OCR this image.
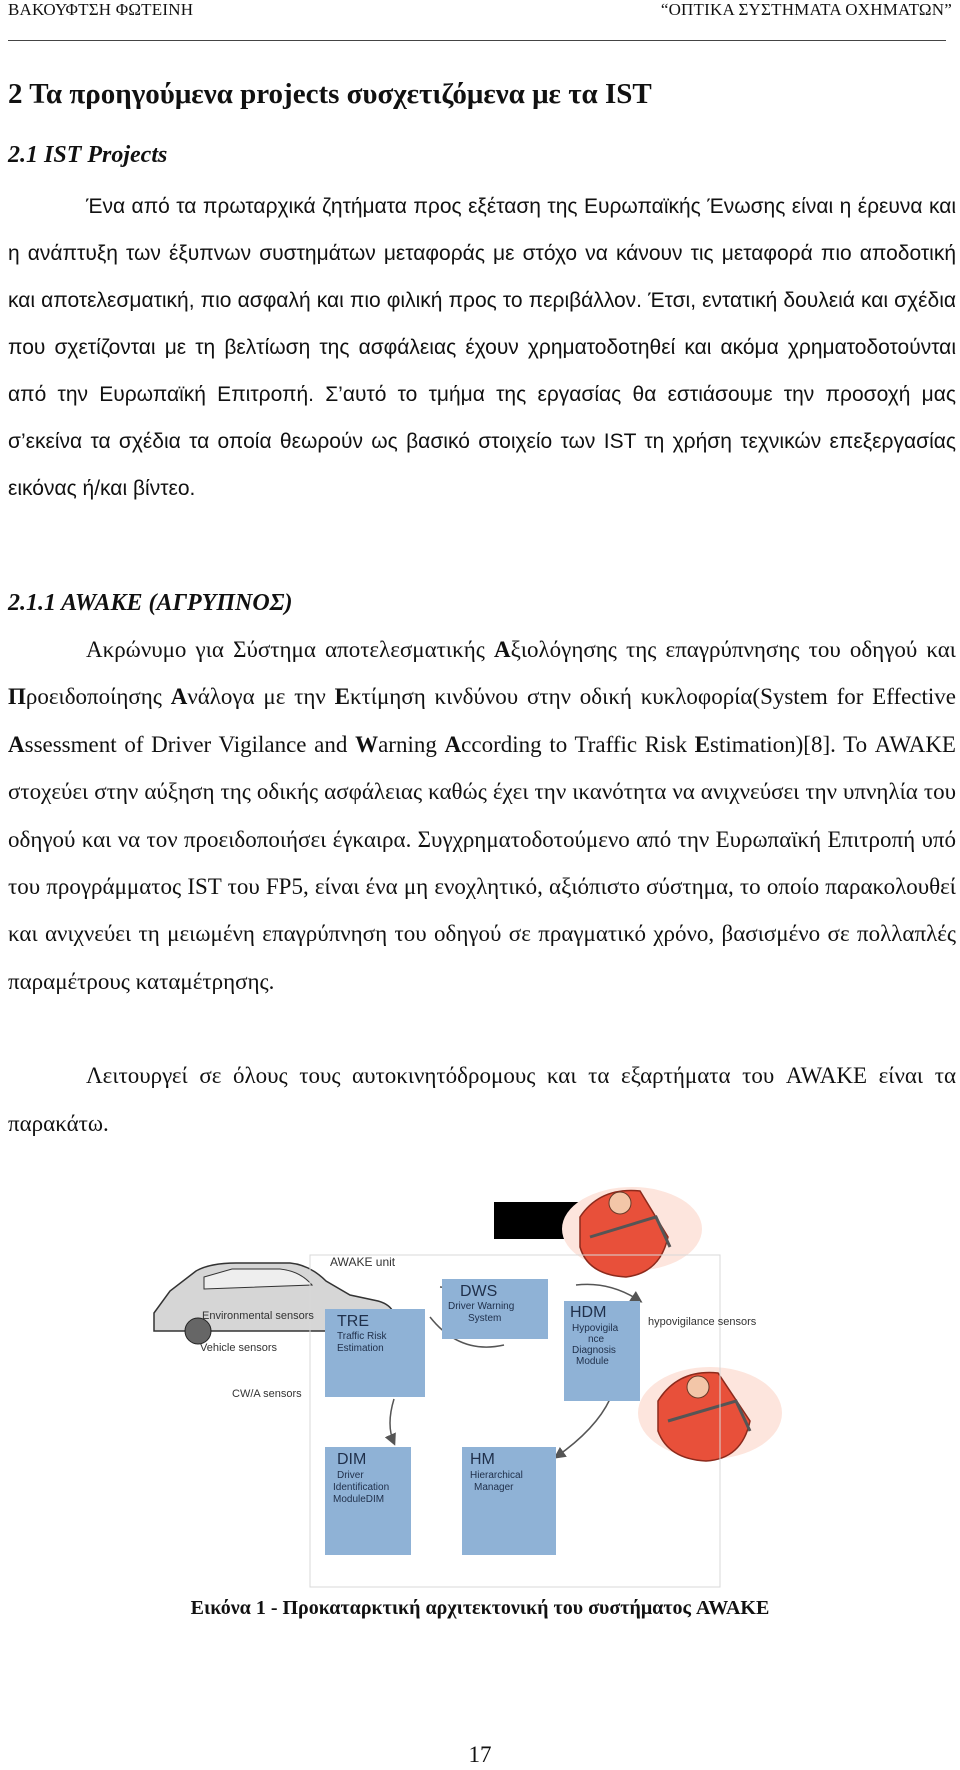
ΒΑΚΟΥΦΤΣΗ ΦΩΤΕΙΝΗ	“ΟΠΤΙΚΑ ΣΥΣΤΗΜΑΤΑ ΟΧΗΜΑΤΩΝ”
2 Τα προηγούμενα projects συσχετιζόμενα με τα IST
2.1 IST Projects
Ένα από τα πρωταρχικά ζητήματα προς εξέταση της Ευρωπαϊκής Ένωσης είναι η έρευνα και η ανάπτυξη των έξυπνων συστημάτων μεταφοράς με στόχο να κάνουν τις μεταφορά πιο αποδοτική και αποτελεσματική, πιο ασφαλή και πιο φιλική προς το περιβάλλον. Έτσι, εντατική δουλειά και σχέδια που σχετίζονται με τη βελτίωση της ασφάλειας έχουν χρηματοδοτηθεί και ακόμα χρηματοδοτούνται από την Ευρωπαϊκή Επιτροπή. Σ’αυτό το τμήμα της εργασίας θα εστιάσουμε την προσοχή μας σ’εκείνα τα σχέδια τα οποία θεωρούν ως βασικό στοιχείο των IST τη χρήση τεχνικών επεξεργασίας εικόνας ή/και βίντεο.
2.1.1 AWAKE (ΑΓΡΥΠΝΟΣ)
Ακρώνυμο για Σύστημα αποτελεσματικής Αξιολόγησης της επαγρύπνησης του οδηγού και Προειδοποίησης Ανάλογα με την Εκτίμηση κινδύνου στην οδική κυκλοφορία(System for Effective Assessment of Driver Vigilance and Warning According to Traffic Risk Estimation)[8]. Το AWAKE στοχεύει στην αύξηση της οδικής ασφάλειας καθώς έχει την ικανότητα να ανιχνεύσει την υπνηλία του οδηγού και να τον προειδοποιήσει έγκαιρα. Συγχρηματοδοτούμενο από την Ευρωπαϊκή Επιτροπή υπό του προγράμματος IST του FP5, είναι ένα μη ενοχλητικό, αξιόπιστο σύστημα, το οποίο παρακολουθεί και ανιχνεύει τη μειωμένη επαγρύπνηση του οδηγού σε πραγματικό χρόνο, βασισμένο σε πολλαπλές παραμέτρους καταμέτρησης.
Λειτουργεί σε όλους τους αυτοκινητόδρομους και τα εξαρτήματα του AWAKE είναι τα παρακάτω.
AWAKE unit
Environmental sensors
Vehicle sensors
CW/A sensors
hypovigilance sensors
TRE
Traffic Risk
Estimation
DWS
Driver Warning
System	HDM
Hypovigila
nce
Diagnosis
Module
DIM
Driver
Identification
ModuleDIM
HM
Hierarchical
Manager
Εικόνα 1 - Προκαταρκτική αρχιτεκτονική του συστήματος AWAKE
17
